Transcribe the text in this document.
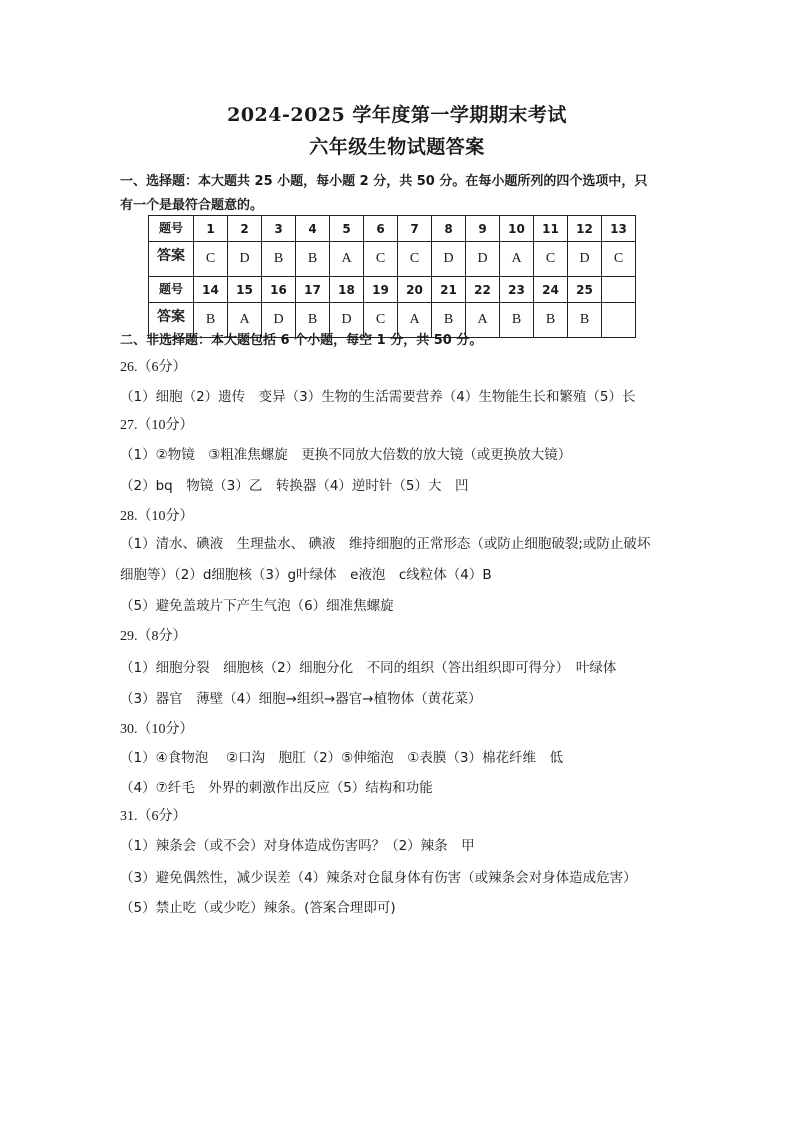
2024-2025 学年度第一学期期末考试
六年级生物试题答案
一、选择题：本大题共 25 小题，每小题 2 分，共 50 分。在每小题所列的四个选项中，只
有一个是最符合题意的。
题号	1	2	3	4	5	6	7	8	9	10	11	12	13
答案	C	D	B	B	A	C	C	D	D	A	C	D	C
题号	14	15	16	17	18	19	20	21	22	23	24	25	
答案	B	A	D	B	D	C	A	B	A	B	B	B	
二、非选择题：本大题包括 6 个小题，每空 1 分，共 50 分。
26.（6分）
（1）细胞（2）遗传　变异（3）生物的生活需要营养（4）生物能生长和繁殖（5）长
27.（10分）
（1）②物镜　③粗准焦螺旋　更换不同放大倍数的放大镜（或更换放大镜）
（2）bq　物镜（3）乙　转换器（4）逆时针（5）大　凹
28.（10分）
（1）清水、碘液　生理盐水、 碘液　维持细胞的正常形态（或防止细胞破裂;或防止破坏
细胞等）（2）d细胞核（3）g叶绿体　e液泡　c线粒体（4）B
（5）避免盖玻片下产生气泡（6）细准焦螺旋
29.（8分）
（1）细胞分裂　细胞核（2）细胞分化　不同的组织（答出组织即可得分）　叶绿体
（3）器官　薄壁（4）细胞→组织→器官→植物体（黄花菜）
30.（10分）
（1）④食物泡　 ②口沟　胞肛（2）⑤伸缩泡　①表膜（3）棉花纤维　低
（4）⑦纤毛　外界的刺激作出反应（5）结构和功能
31.（6分）
（1）辣条会（或不会）对身体造成伤害吗？（2）辣条　甲
（3）避免偶然性，减少误差（4）辣条对仓鼠身体有伤害（或辣条会对身体造成危害）
（5）禁止吃（或少吃）辣条。(答案合理即可)
